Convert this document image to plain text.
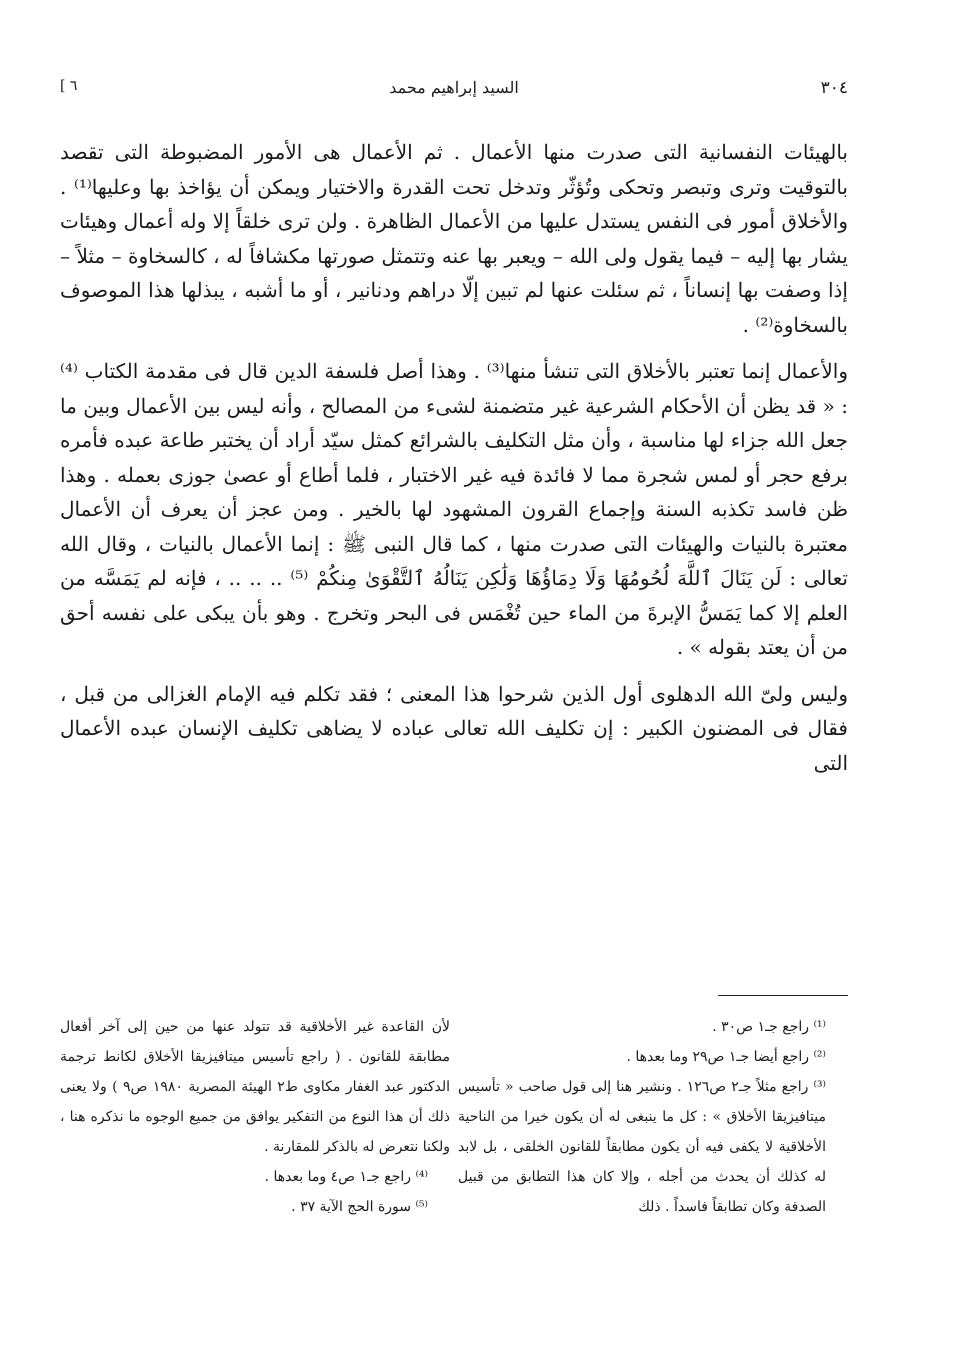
٣٠٤
السيد إبراهيم محمد
[ ٦

بالهيئات النفسانية التى صدرت منها الأعمال . ثم الأعمال هى الأمور المضبوطة التى تقصد بالتوقيت وترى وتبصر وتحكى وتُؤثّر وتدخل تحت القدرة والاختيار ويمكن أن يؤاخذ بها وعليها⁽¹⁾ . والأخلاق أمور فى النفس يستدل عليها من الأعمال الظاهرة . ولن ترى خلقاً إلا وله أعمال وهيئات يشار بها إليه – فيما يقول ولى الله – ويعبر بها عنه وتتمثل صورتها مكشافاً له ، كالسخاوة – مثلاً – إذا وصفت بها إنساناً ، ثم سئلت عنها لم تبين إلّا دراهم ودنانير ، أو ما أشبه ، يبذلها هذا الموصوف بالسخاوة⁽²⁾ .

والأعمال إنما تعتبر بالأخلاق التى تنشأ منها⁽³⁾ . وهذا أصل فلسفة الدين قال فى مقدمة الكتاب ⁽⁴⁾ : « قد يظن أن الأحكام الشرعية غير متضمنة لشىء من المصالح ، وأنه ليس بين الأعمال وبين ما جعل الله جزاء لها مناسبة ، وأن مثل التكليف بالشرائع كمثل سيّد أراد أن يختبر طاعة عبده فأمره برفع حجر أو لمس شجرة مما لا فائدة فيه غير الاختبار ، فلما أطاع أو عصىٰ جوزى بعمله . وهذا ظن فاسد تكذبه السنة وإجماع القرون المشهود لها بالخير . ومن عجز أن يعرف أن الأعمال معتبرة بالنيات والهيئات التى صدرت منها ، كما قال النبى ﷺ : إنما الأعمال بالنيات ، وقال الله تعالى : لَن يَنَالَ ٱللَّهَ لُحُومُهَا وَلَا دِمَاؤُهَا وَلَٰكِن يَنَالُهُ ٱلتَّقْوَىٰ مِنكُمْ ⁽⁵⁾ .. .. .. ، فإنه لم يَمَسَّه من العلم إلا كما يَمَسُّ الإبرةَ من الماء حين تُغْمَس فى البحر وتخرج . وهو بأن يبكى على نفسه أحق من أن يعتد بقوله » .

وليس ولىّ الله الدهلوى أول الذين شرحوا هذا المعنى ؛ فقد تكلم فيه الإمام الغزالى من قبل ، فقال فى المضنون الكبير : إن تكليف الله تعالى عباده لا يضاهى تكليف الإنسان عبده الأعمال التى

⁽¹⁾ راجع جـ١ ص٣٠ .

⁽²⁾ راجع أيضا جـ١ ص٢٩ وما بعدها .

⁽³⁾ راجع مثلاً جـ٢ ص١٢٦ . ونشير هنا إلى قول صاحب « تأسيس ميتافيزيقا الأخلاق » : كل ما ينبغى له أن يكون خيرا من الناحية الأخلاقية لا يكفى فيه أن يكون مطابقاً للقانون الخلقى ، بل لابد له كذلك أن يحدث من أجله ، وإلا كان هذا التطابق من قبيل الصدفة وكان تطابقاً فاسداً . ذلك

لأن القاعدة غير الأخلاقية قد تتولد عنها من حين إلى آخر أفعال مطابقة للقانون . ( راجع تأسيس ميتافيزيقا الأخلاق لكانط ترجمة الدكتور عبد الغفار مكاوى ط٢ الهيئة المصرية ١٩٨٠ ص٩ ) ولا يعنى ذلك أن هذا النوع من التفكير يوافق من جميع الوجوه ما نذكره هنا ، ولكنا نتعرض له بالذكر للمقارنة .

⁽⁴⁾ راجع جـ١ ص٤ وما بعدها .

⁽⁵⁾ سورة الحج الآية ٣٧ .
